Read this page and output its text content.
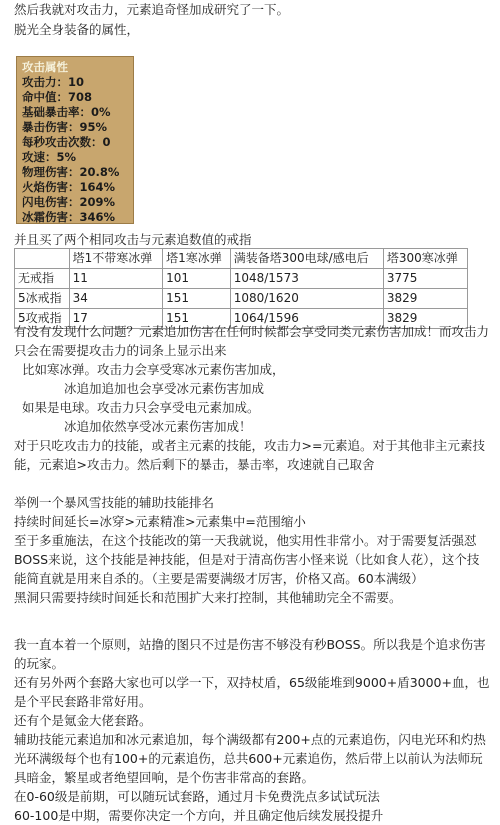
然后我就对攻击力，元素追奇怪加成研究了一下。

脱光全身装备的属性，

攻击属性
攻击力：10
命中值：708
基础暴击率：0%
暴击伤害：95%
每秒攻击次数：0
攻速：5%
物理伤害：20.8%
火焰伤害：164%
闪电伤害：209%
冰霜伤害：346%

并且买了两个相同攻击与元素追数值的戒指

	塔1不带寒冰弹	塔1寒冰弹	满装备塔300电球/感电后	塔300寒冰弹
无戒指	11	101	1048/1573	3775
5冰戒指	34	151	1080/1620	3829
5攻戒指	17	151	1064/1596	3829

有没有发现什么问题？元素追加伤害在任何时候都会享受同类元素伤害加成！而攻击力只会在需要提攻击力的词条上显示出来

比如寒冰弹。攻击力会享受寒冰元素伤害加成，

冰追加追加也会享受冰元素伤害加成

如果是电球。攻击力只会享受电元素加成。

冰追加依然享受冰元素伤害加成！

对于只吃攻击力的技能，或者主元素的技能，攻击力>=元素追。对于其他非主元素技能，元素追>攻击力。然后剩下的暴击，暴击率，攻速就自己取舍

举例一个暴风雪技能的辅助技能排名

持续时间延长=冰穿>元素精准>元素集中=范围缩小

至于多重施法，在这个技能改的第一天我就说，他实用性非常小。对于需要复活强怼BOSS来说，这个技能是神技能，但是对于清高伤害小怪来说（比如食人花），这个技能简直就是用来自杀的。（主要是需要满级才厉害，价格又高。60本满级）

黑洞只需要持续时间延长和范围扩大来打控制，其他辅助完全不需要。

我一直本着一个原则，站撸的图只不过是伤害不够没有秒BOSS。所以我是个追求伤害的玩家。

还有另外两个套路大家也可以学一下，双持杖盾，65级能堆到9000+盾3000+血，也是个平民套路非常好用。

还有个是氪金大佬套路。

辅助技能元素追加和冰元素追加，每个满级都有200+点的元素追伤，闪电光环和灼热光环满级每个也有100+的元素追伤，总共600+元素追伤，然后带上以前认为法师玩具暗金，繁星或者绝望回响，是个伤害非常高的套路。

在0-60级是前期，可以随玩试套路，通过月卡免费洗点多试试玩法

60-100是中期，需要你决定一个方向，并且确定他后续发展投提升
